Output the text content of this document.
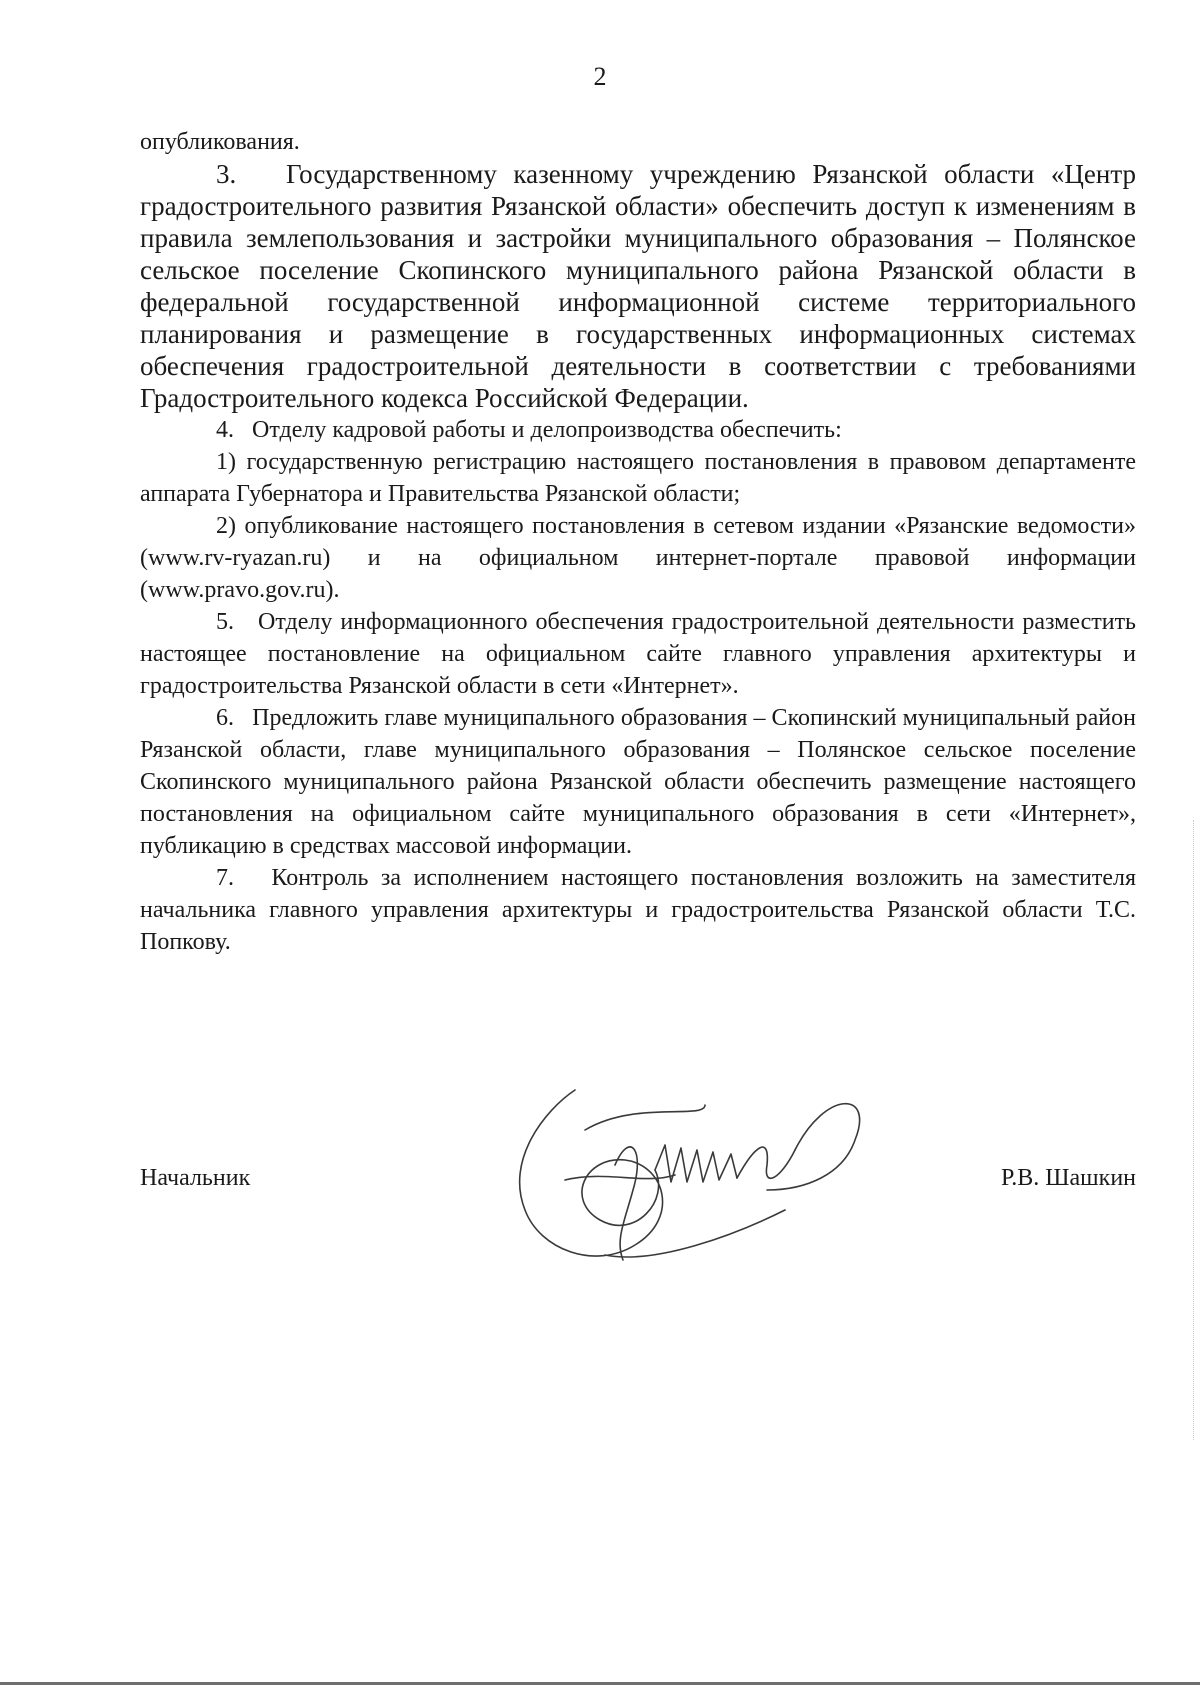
2

опубликования.

3.   Государственному казенному учреждению Рязанской области «Центр градостроительного развития Рязанской области» обеспечить доступ к изменениям в правила землепользования и застройки муниципального образования – Полянское сельское поселение Скопинского муниципального района Рязанской области в федеральной государственной информационной системе территориального планирования и размещение в государственных информационных системах обеспечения градостроительной деятельности в соответствии с требованиями Градостроительного кодекса Российской Федерации.

4.   Отделу кадровой работы и делопроизводства обеспечить:

1) государственную регистрацию настоящего постановления в правовом департаменте аппарата Губернатора и Правительства Рязанской области;

2) опубликование настоящего постановления в сетевом издании «Рязанские ведомости» (www.rv-ryazan.ru) и на официальном интернет-портале правовой информации (www.pravo.gov.ru).

5.   Отделу информационного обеспечения градостроительной деятельности разместить настоящее постановление на официальном сайте главного управления архитектуры и градостроительства Рязанской области в сети «Интернет».

6.   Предложить главе муниципального образования – Скопинский муниципальный район Рязанской области, главе муниципального образования – Полянское сельское поселение Скопинского муниципального района Рязанской области обеспечить размещение настоящего постановления на официальном сайте муниципального образования в сети «Интернет», публикацию в средствах массовой информации.

7.   Контроль за исполнением настоящего постановления возложить на заместителя начальника главного управления архитектуры и градостроительства Рязанской области Т.С. Попкову.

Начальник	Р.В. Шашкин
